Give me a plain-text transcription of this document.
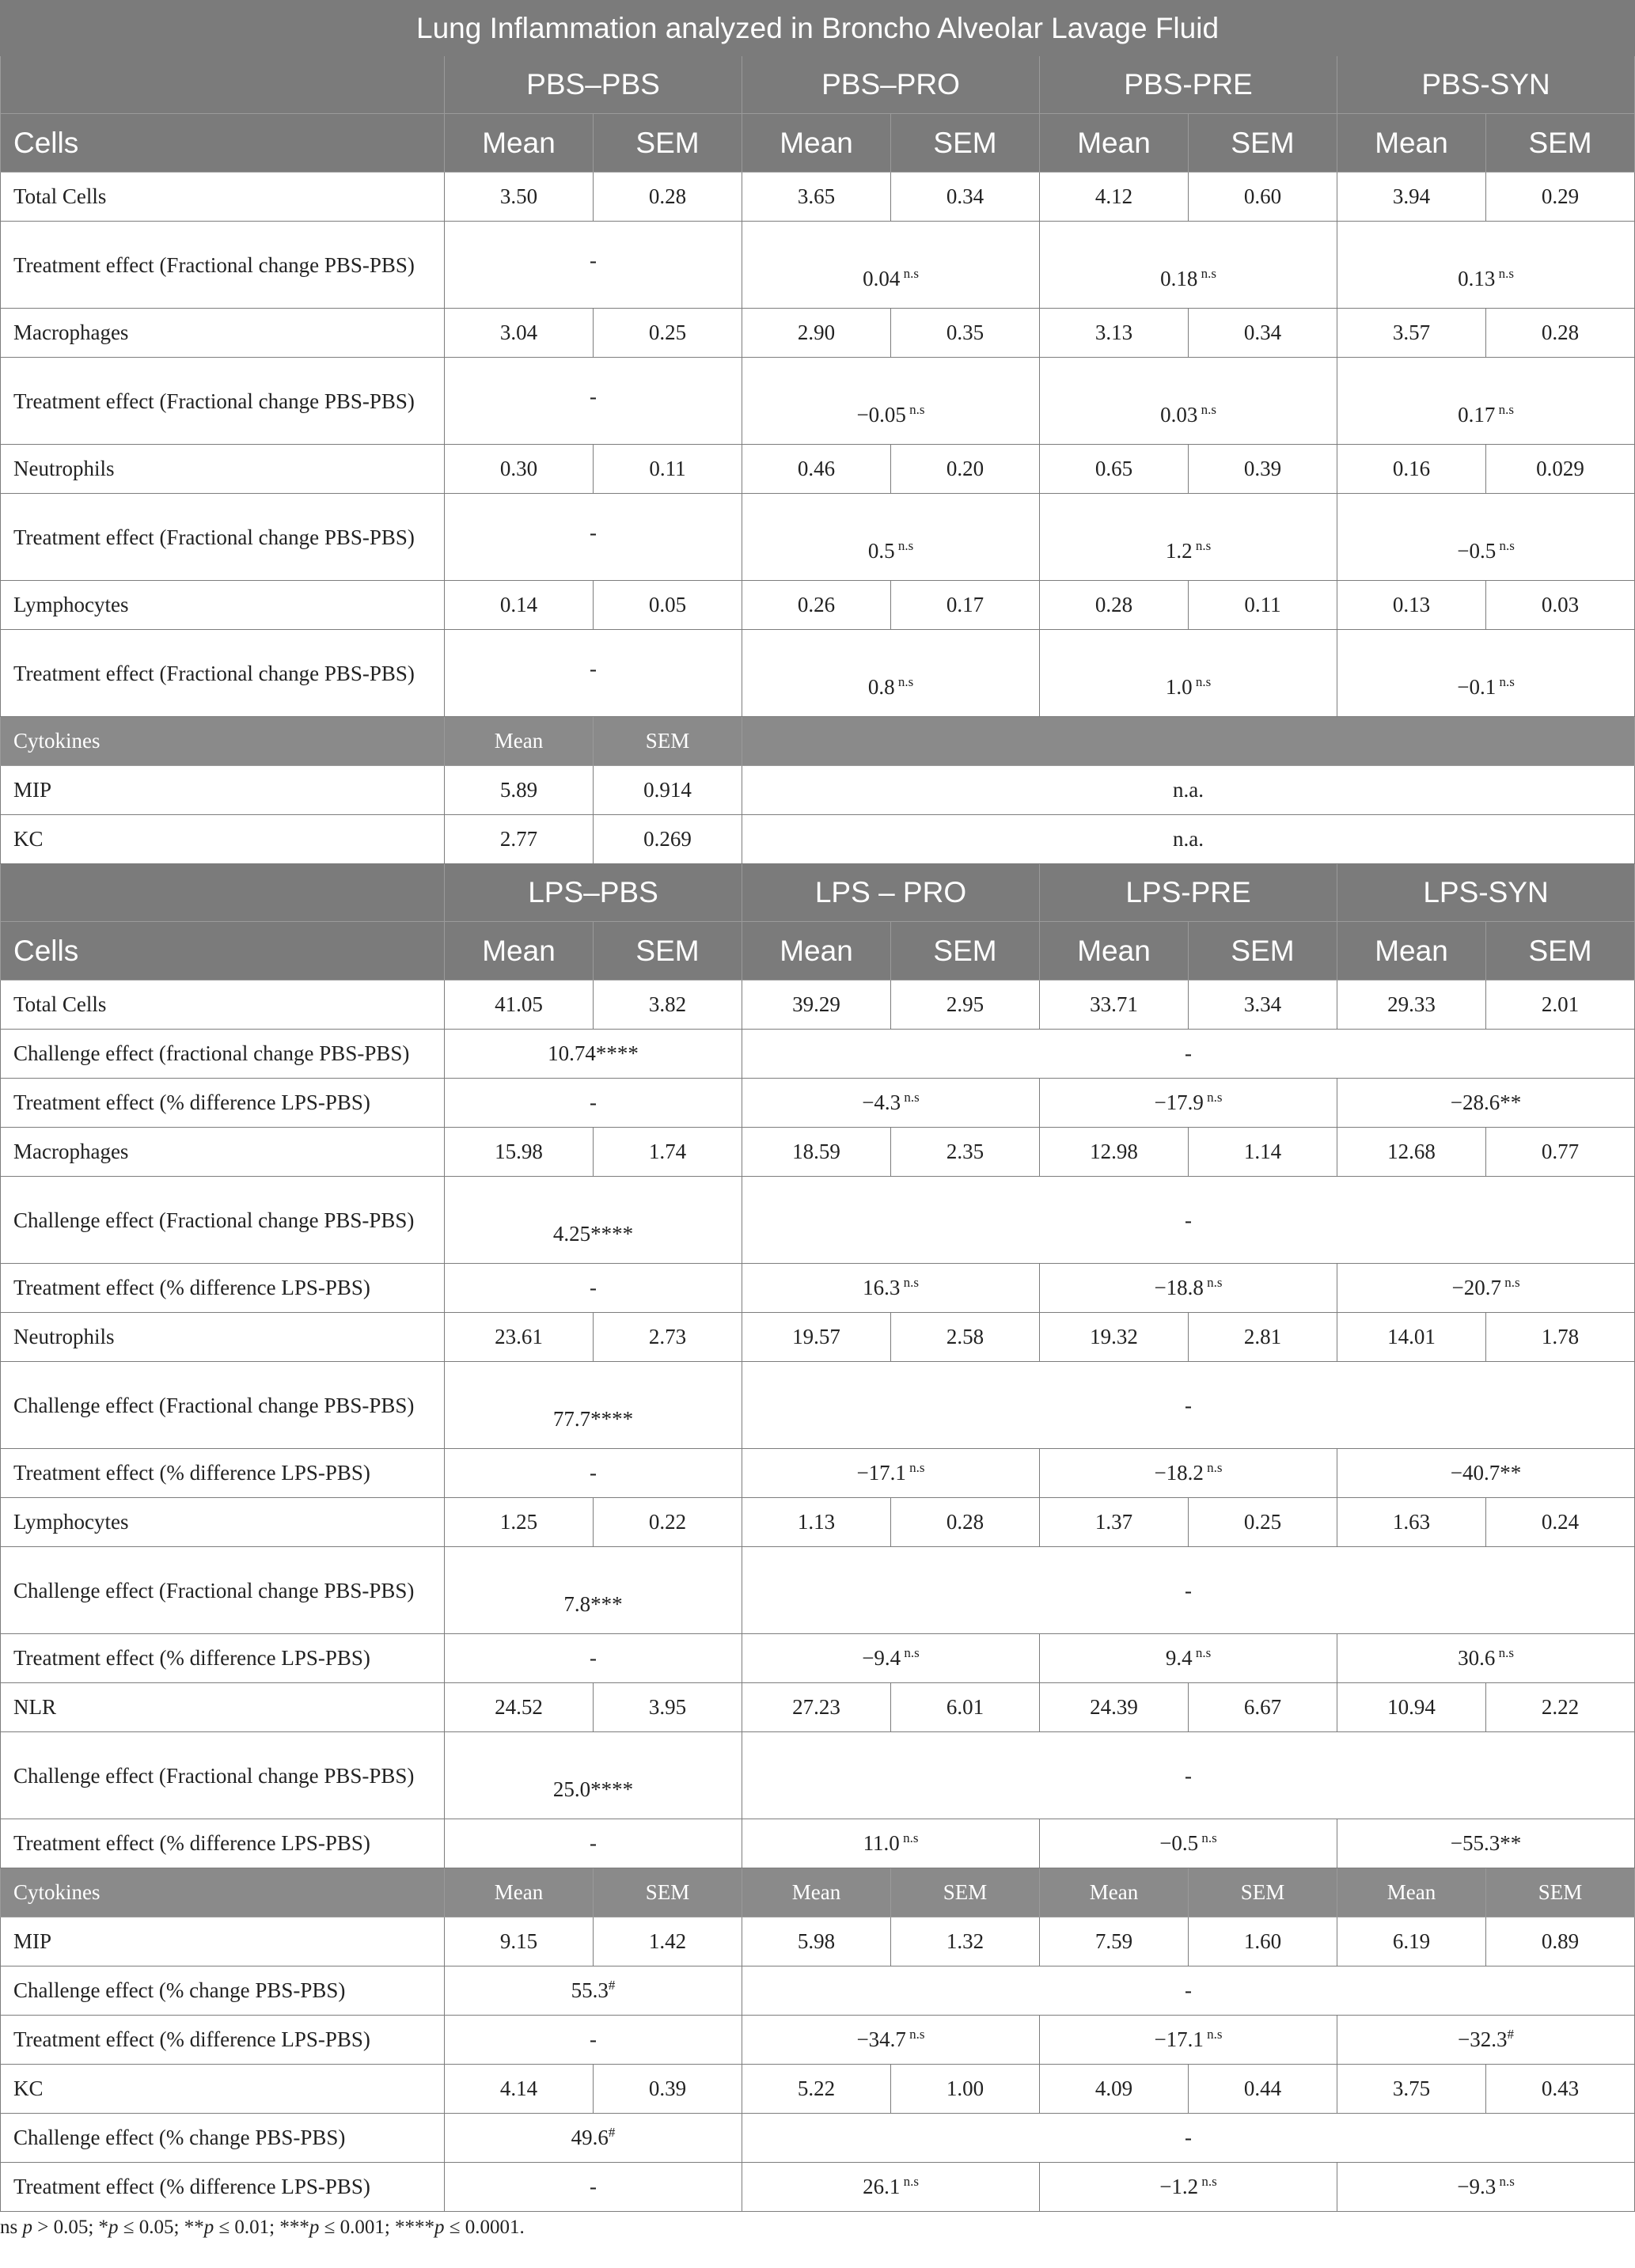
Lung Inflammation analyzed in Broncho Alveolar Lavage Fluid								
	PBS–PBS		PBS–PRO		PBS-PRE		PBS-SYN	
Cells	Mean	SEM	Mean	SEM	Mean	SEM	Mean	SEM
Total Cells	3.50	0.28	3.65	0.34	4.12	0.60	3.94	0.29
Treatment effect (Fractional change PBS-PBS)	-		0.04 $^{n.s}$		0.18 $^{n.s}$		0.13 $^{n.s}$
Macrophages	3.04	0.25	2.90	0.35	3.13	0.34	3.57	0.28
Treatment effect (Fractional change PBS-PBS)	-		−0.05 $^{n.s}$		0.03 $^{n.s}$		0.17 $^{n.s}$
Neutrophils	0.30	0.11	0.46	0.20	0.65	0.39	0.16	0.029
Treatment effect (Fractional change PBS-PBS)	-		0.5 $^{n.s}$		1.2 $^{n.s}$		−0.5 $^{n.s}$
Lymphocytes	0.14	0.05	0.26	0.17	0.28	0.11	0.13	0.03
Treatment effect (Fractional change PBS-PBS)	-		0.8 $^{n.s}$		1.0 $^{n.s}$		−0.1 $^{n.s}$
Cytokines	Mean	SEM						
MIP	5.89	0.914	n.a.					
KC	2.77	0.269	n.a.					
	LPS–PBS		LPS – PRO		LPS-PRE		LPS-SYN	
Cells	Mean	SEM	Mean	SEM	Mean	SEM	Mean	SEM
Total Cells	41.05	3.82	39.29	2.95	33.71	3.34	29.33	2.01
Challenge effect (fractional change PBS-PBS)	10.74****		-					
Treatment effect (% difference LPS-PBS)	-		−4.3 $^{n.s}$		−17.9 $^{n.s}$		−28.6**	
Macrophages	15.98	1.74	18.59	2.35	12.98	1.14	12.68	0.77
Challenge effect (Fractional change PBS-PBS)	4.25****		-					
Treatment effect (% difference LPS-PBS)	-		16.3 $^{n.s}$		−18.8 $^{n.s}$		−20.7 $^{n.s}$
Neutrophils	23.61	2.73	19.57	2.58	19.32	2.81	14.01	1.78
Challenge effect (Fractional change PBS-PBS)	77.7****		-					
Treatment effect (% difference LPS-PBS)	-		−17.1 $^{n.s}$		−18.2 $^{n.s}$		−40.7**	
Lymphocytes	1.25	0.22	1.13	0.28	1.37	0.25	1.63	0.24
Challenge effect (Fractional change PBS-PBS)	7.8***		-					
Treatment effect (% difference LPS-PBS)	-		−9.4 $^{n.s}$		9.4 $^{n.s}$		30.6 $^{n.s}$
NLR	24.52	3.95	27.23	6.01	24.39	6.67	10.94	2.22
Challenge effect (Fractional change PBS-PBS)	25.0****		-					
Treatment effect (% difference LPS-PBS)	-		11.0 $^{n.s}$		−0.5 $^{n.s}$		−55.3**	
Cytokines	Mean	SEM	Mean	SEM	Mean	SEM	Mean	SEM
MIP	9.15	1.42	5.98	1.32	7.59	1.60	6.19	0.89
Challenge effect (% change PBS-PBS)	55.3#		-					
Treatment effect (% difference LPS-PBS)	-		−34.7 $^{n.s}$		−17.1 $^{n.s}$		−32.3#
KC	4.14	0.39	5.22	1.00	4.09	0.44	3.75	0.43
Challenge effect (% change PBS-PBS)	49.6#		-					
Treatment effect (% difference LPS-PBS)	-		26.1 $^{n.s}$		−1.2 $^{n.s}$		−9.3 $^{n.s}$
ns p > 0.05; *p ≤ 0.05; **p ≤ 0.01; ***p ≤ 0.001; ****p ≤ 0.0001.
